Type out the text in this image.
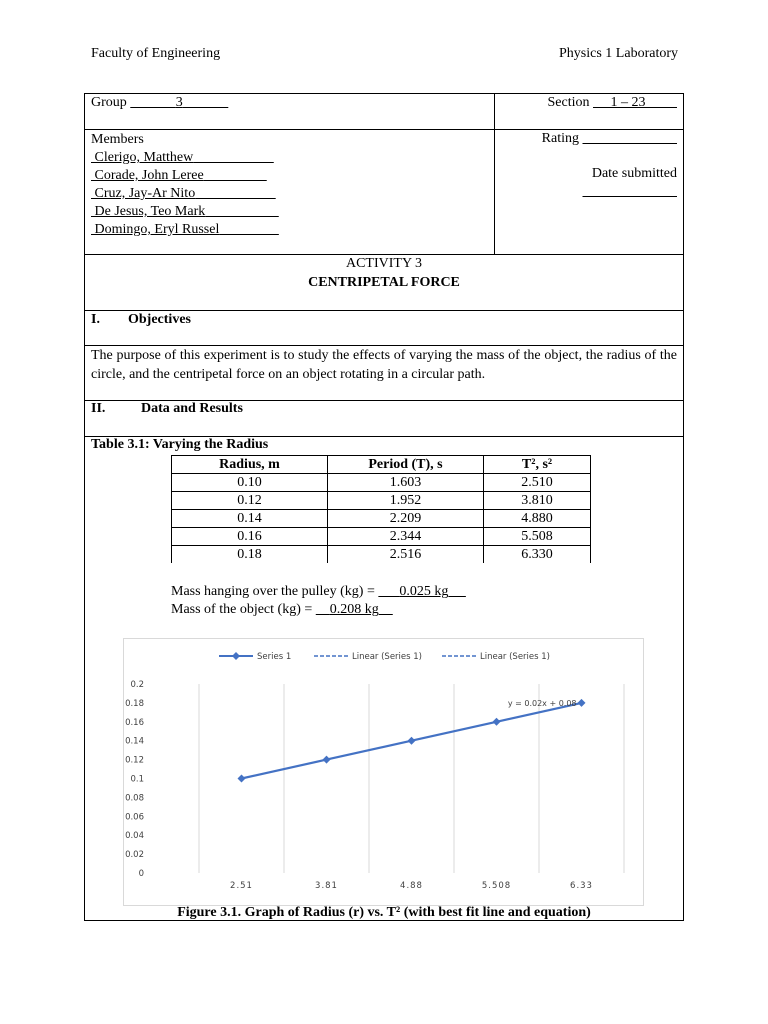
Faculty of Engineering	Physics 1 Laboratory
Group	3	Section 1 – 23
Members
Clerigo, Matthew
Corade, John Leree
Cruz, Jay-Ar Nito
De Jesus, Teo Mark
Domingo, Eryl Russel
Rating
Date submitted

ACTIVITY 3
CENTRIPETAL FORCE
I. Objectives
The purpose of this experiment is to study the effects of varying the mass of the object, the radius of the circle, and the centripetal force on an object rotating in a circular path.
II.	Data and Results
Table 3.1: Varying the Radius
Radius, m	Period (T), s	T², s²
0.10	1.603	2.510
0.12	1.952	3.810
0.14	2.209	4.880
0.16	2.344	5.508
0.18	2.516	6.330
Mass hanging over the pulley (kg) = 0.025 kg
Mass of the object (kg) = 0.208 kg
0
0.02
0.04
0.06
0.08
0.1
0.12
0.14
0.16
0.18
0.2
2.51	3.81	4.88	5.508	6.33
y = 0.02x + 0.08
Series 1	Linear (Series 1)	Linear (Series 1)
Figure 3.1. Graph of Radius (r) vs. T² (with best fit line and equation)
